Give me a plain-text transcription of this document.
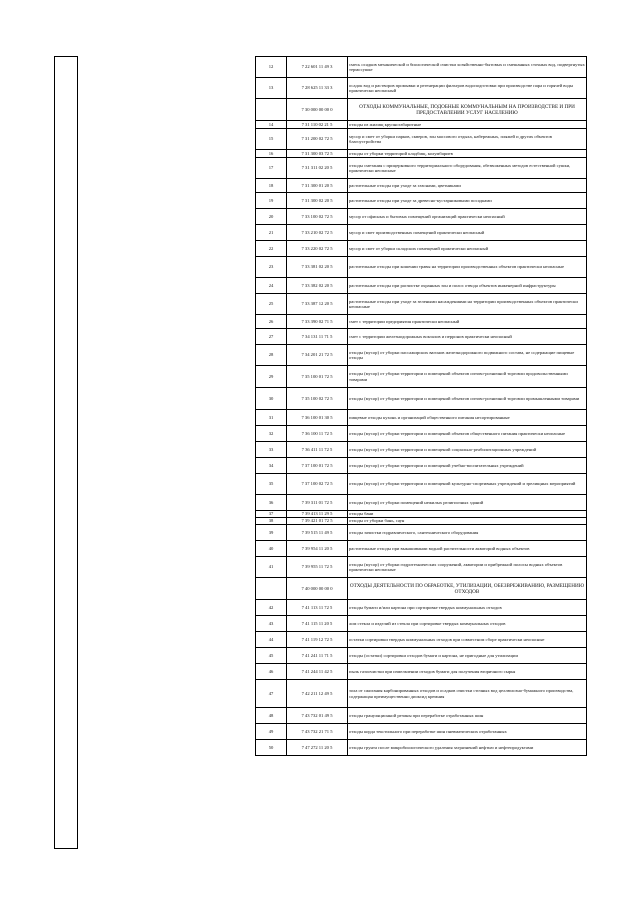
12	7 22 601 11 49 3	смесь осадков механической и биологической очистки хозяйственно-бытовых и смешанных сточных вод, подвергнутых термосушке
13	7 28 625 11 33 3	осадок вод и растворов промывки и регенерации фильтров водоподготовки при производстве пара и горячей воды практически неопасный
	7 30 000 00 00 0	ОТХОДЫ КОММУНАЛЬНЫЕ, ПОДОБНЫЕ КОММУНАЛЬНЫМ НА ПРОИЗВОДСТВЕ И ПРИ ПРЕДОСТАВЛЕНИИ УСЛУГ НАСЕЛЕНИЮ
14	7 31 110 02 21 5	отходы из жилищ крупногабаритные
15	7 31 200 02 72 5	мусор и смет от уборки парков, скверов, зон массового отдыха, набережных, пляжей и других объектов благоустройства
16	7 31 300 03 72 5	отходы от уборки территорий кладбищ, колумбариев
17	7 31 311 02 20 5	отходы сметания с прицерковного территориального оборудования, обезвоженных методов естественной сушки, практически неопасные
18	7 31 300 01 20 5	растительные отходы при уходе за газонами, цветниками
19	7 31 300 02 20 5	растительные отходы при уходе за древесно-кустарниковыми посадками
20	7 33 100 02 72 5	мусор от офисных и бытовых помещений организаций практически неопасный
21	7 33 210 02 72 5	мусор и смет производственных помещений практически неопасный
22	7 33 220 02 72 5	мусор и смет от уборки складских помещений практически неопасный
23	7 33 381 02 20 5	растительные отходы при кошении травы на территории производственных объектов практически неопасные
24	7 33 382 02 20 5	растительные отходы при расчистке охранных зон и полос отвода объектов инженерной инфраструктуры
25	7 33 387 12 20 5	растительные отходы при уходе за зелеными насаждениями на территории производственных объектов практически неопасные
26	7 33 390 02 71 5	смет с территории предприятия практически неопасный
27	7 34 131 11 71 5	смет с территории железнодорожных вокзалов и перронов практически неопасный
28	7 34 201 21 72 5	отходы (мусор) от уборки пассажирских вагонов железнодорожного подвижного состава, не содержащие пищевые отходы
29	7 35 100 01 72 5	отходы (мусор) от уборки территории и помещений объектов оптово-розничной торговли продовольственными товарами
30	7 35 100 02 72 5	отходы (мусор) от уборки территории и помещений объектов оптово-розничной торговли промышленными товарами
31	7 36 100 01 30 5	пищевые отходы кухонь и организаций общественного питания несортированные
32	7 36 100 11 72 5	отходы (мусор) от уборки территории и помещений объектов общественного питания практически неопасные
33	7 36 411 11 72 5	отходы (мусор) от уборки территории и помещений социально-реабилитационных учреждений
34	7 37 100 01 72 5	отходы (мусор) от уборки территории и помещений учебно-воспитательных учреждений
35	7 37 100 02 72 5	отходы (мусор) от уборки территории и помещений культурно-спортивных учреждений и зрелищных мероприятий
36	7 39 311 01 72 5	отходы (мусор) от уборки помещений нежилых религиозных зданий
37	7 39 413 11 29 5	отходы бани
38	7 39 421 01 72 5	отходы от уборки бань, саун
39	7 39 515 11 49 5	отходы зачистки гидравлического, сантехнического оборудования
40	7 39 954 11 20 5	растительные отходы при выкашивании водной растительности акваторий водных объектов
41	7 39 955 11 72 5	отходы (мусор) от уборки гидротехнических сооружений, акватории и прибрежной полосы водных объектов практически неопасные
	7 40 000 00 00 0	ОТХОДЫ ДЕЯТЕЛЬНОСТИ ПО ОБРАБОТКЕ, УТИЛИЗАЦИИ, ОБЕЗВРЕЖИВАНИЮ, РАЗМЕЩЕНИЮ ОТХОДОВ
42	7 41 113 11 72 5	отходы бумаги и/или картона при сортировке твердых коммунальных отходов
43	7 41 115 11 20 5	лом стекла и изделий из стекла при сортировке твердых коммунальных отходов
44	7 41 119 12 72 5	остатки сортировки твердых коммунальных отходов при совместном сборе практически неопасные
45	7 41 241 11 71 5	отходы (остатки) сортировки отходов бумаги и картона, не пригодные для утилизации
46	7 41 244 11 42 5	пыль газоочистки при измельчении отходов бумаги для получения вторичного сырья
47	7 42 211 12 49 5	зола от сжигания карбонированных отходов и осадков очистки сточных вод целлюлозно-бумажного производства, содержащая преимущественно диоксид кремния
48	7 43 732 01 49 5	отходы грануляционной резины при переработке отработанных шин
49	7 43 732 21 71 5	отходы корда текстильного при переработке шин пневматических отработанных
50	7 47 272 11 20 5	отходы грунта после микробиологического удаления загрязнений нефтью и нефтепродуктами
